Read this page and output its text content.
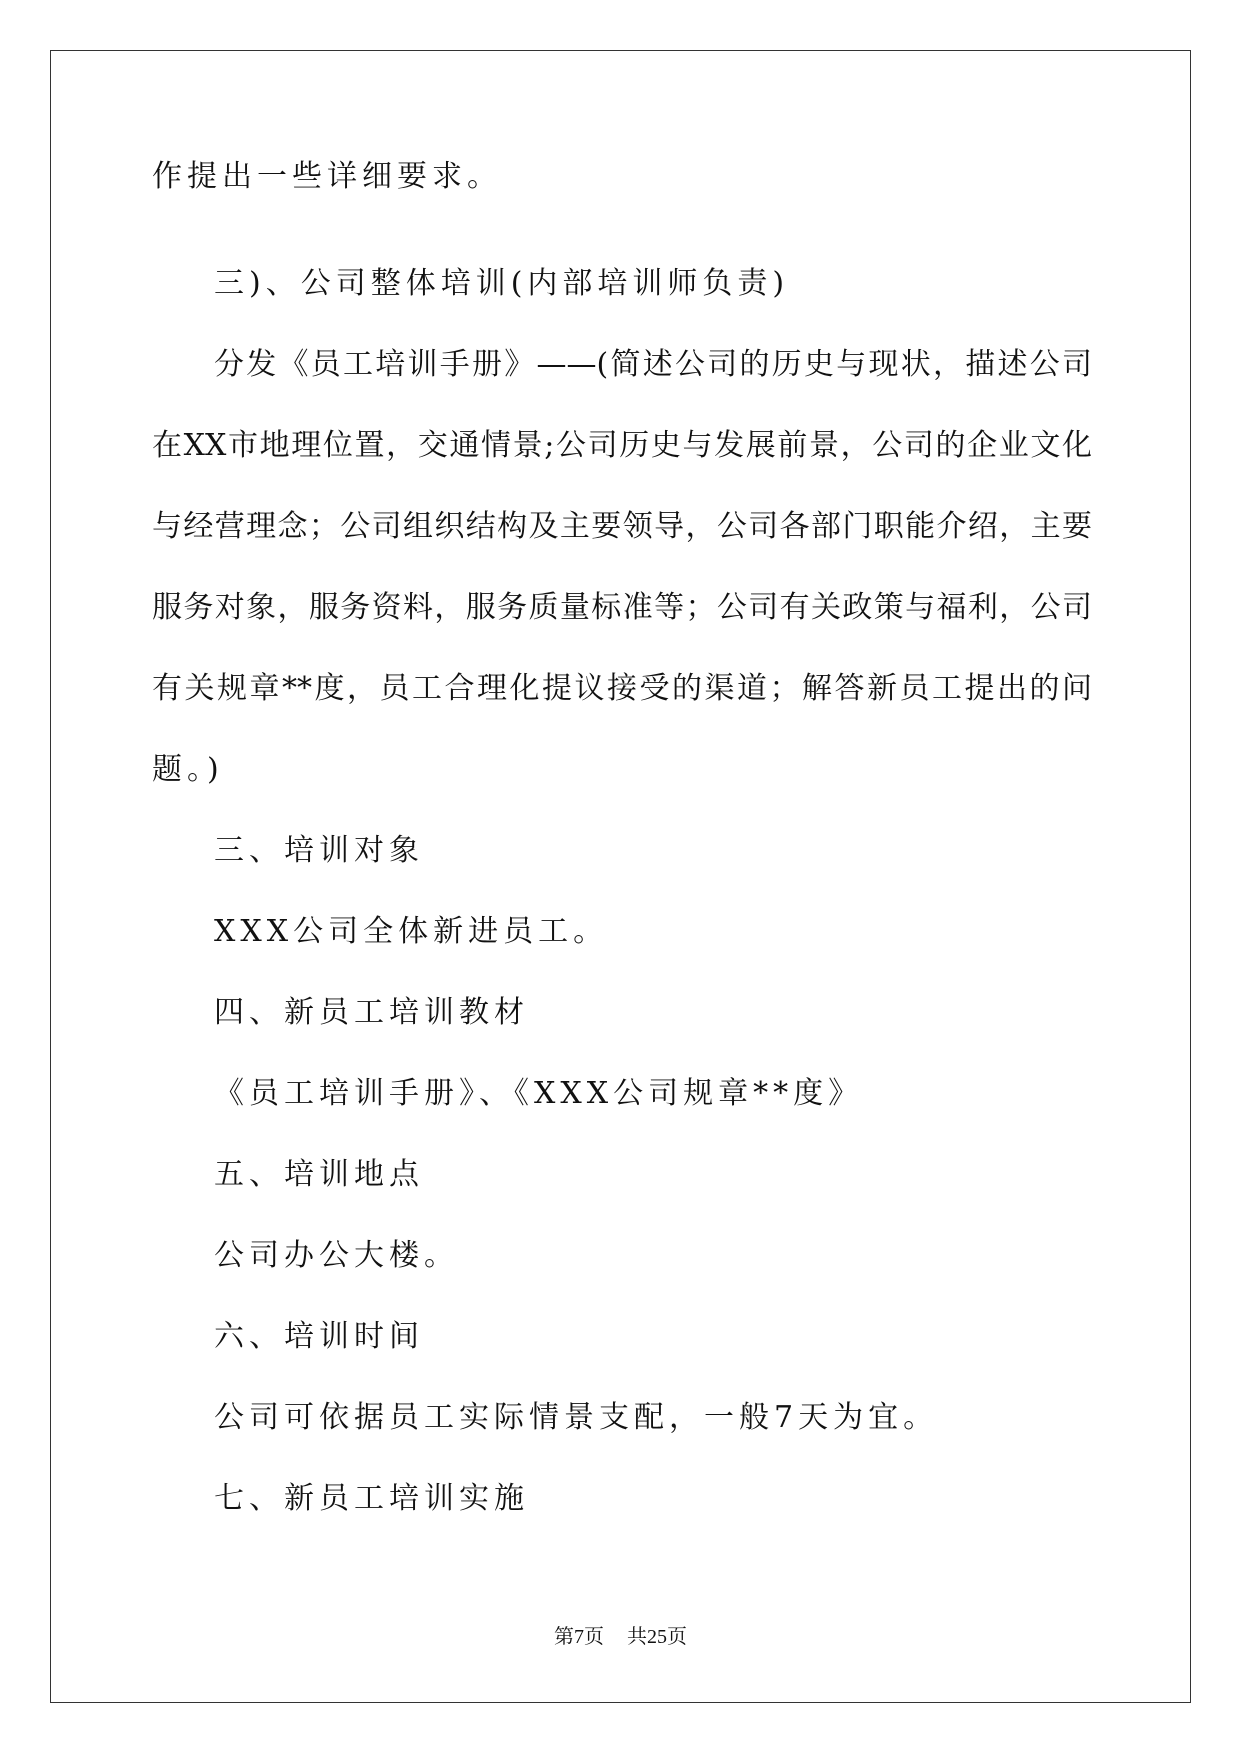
作提出一些详细要求。
三)、公司整体培训(内部培训师负责)
分发《员工培训手册》——(简述公司的历史与现状，描述公司
在XX市地理位置，交通情景;公司历史与发展前景，公司的企业文化
与经营理念；公司组织结构及主要领导，公司各部门职能介绍，主要
服务对象，服务资料，服务质量标准等；公司有关政策与福利，公司
有关规章**度，员工合理化提议接受的渠道；解答新员工提出的问
题。)
三、培训对象
XXX公司全体新进员工。
四、新员工培训教材
《员工培训手册》、《XXX公司规章**度》
五、培训地点
公司办公大楼。
六、培训时间
公司可依据员工实际情景支配，一般7天为宜。
七、新员工培训实施
第7页 共25页
